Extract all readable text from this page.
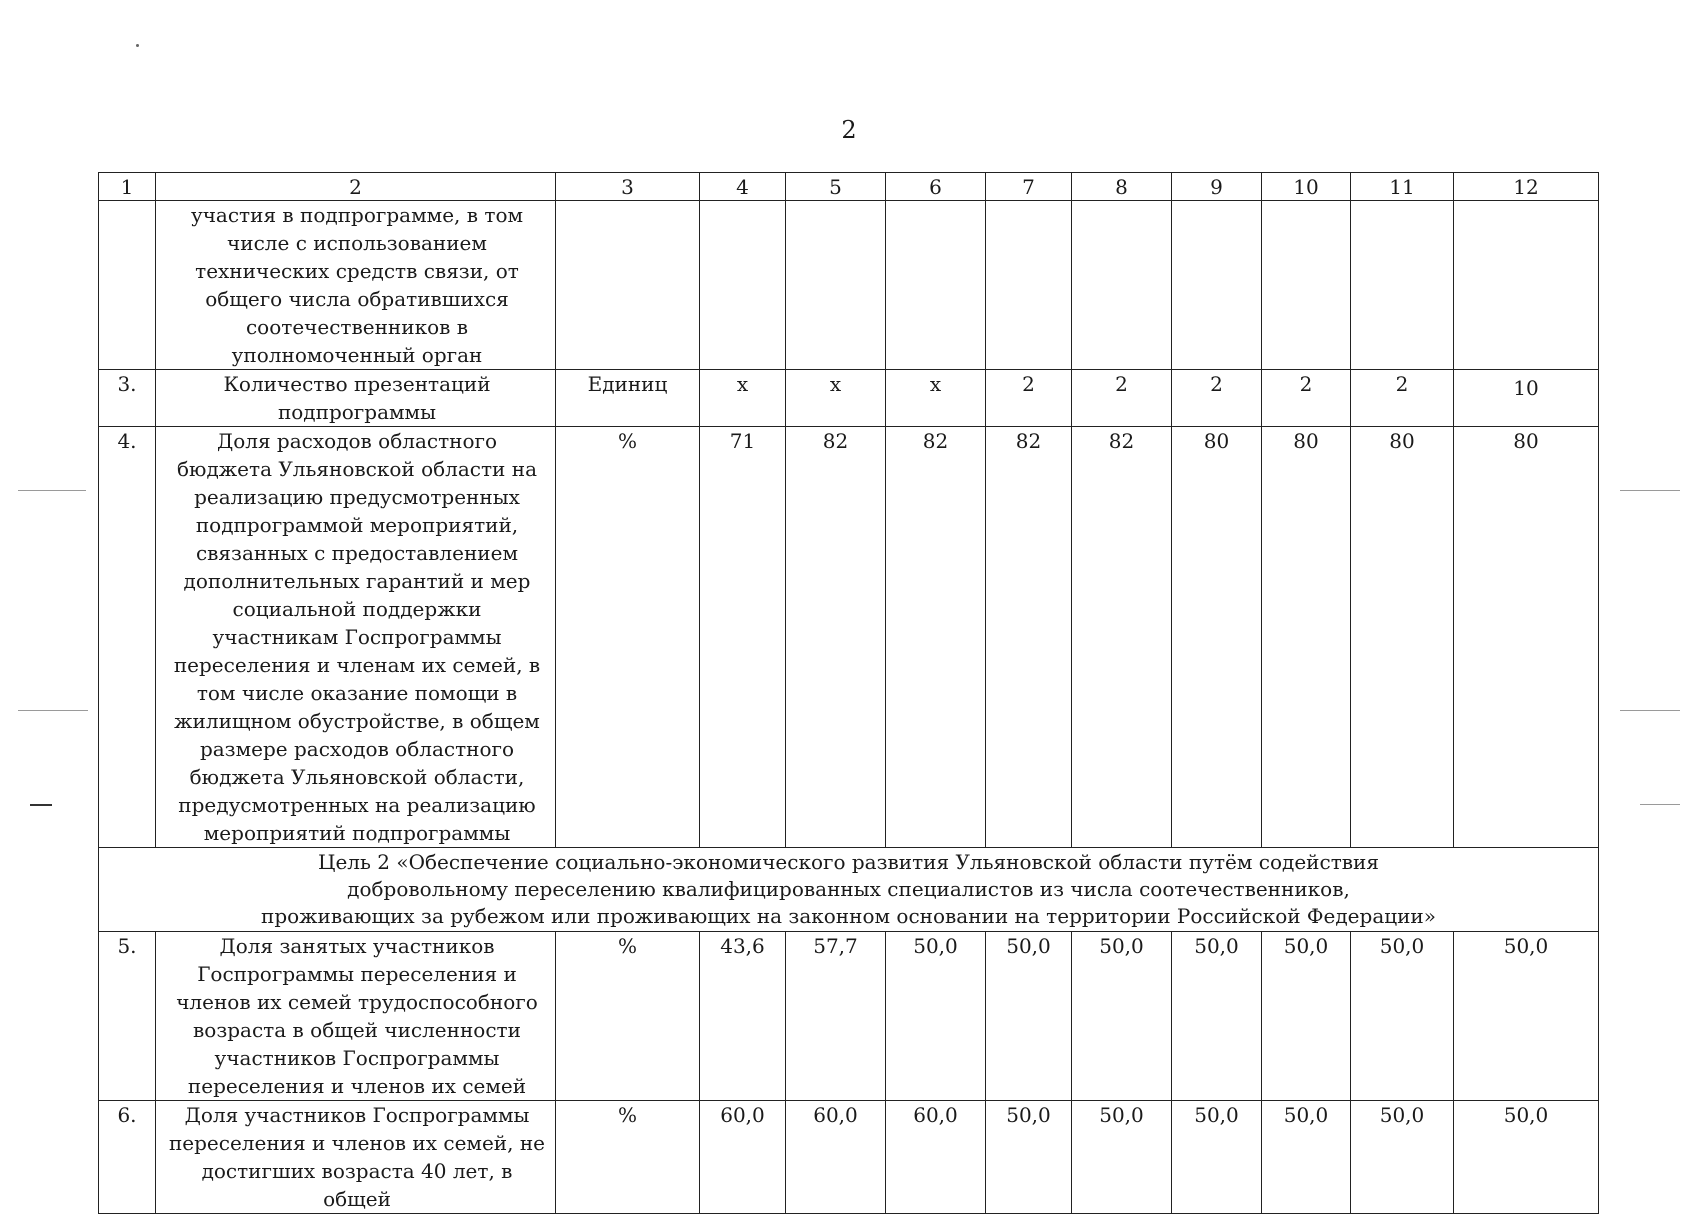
2
1	2	3	4	5	6	7	8	9	10	11	12
	участия в подпрограмме, в том числе с использованием технических средств связи, от общего числа обратившихся соотечественников в уполномоченный орган										
3.	Количество презентаций подпрограммы	Единиц	x	x	x	2	2	2	2	2	10
4.	Доля расходов областного бюджета Ульяновской области на реализацию предусмотренных подпрограммой мероприятий, связанных с предоставлением дополнительных гарантий и мер социальной поддержки участникам Госпрограммы переселения и членам их семей, в том числе оказание помощи в жилищном обустройстве, в общем размере расходов областного бюджета Ульяновской области, предусмотренных на реализацию мероприятий подпрограммы	%	71	82	82	82	82	80	80	80	80

Цель 2 «Обеспечение социально-экономического развития Ульяновской области путём содействия
добровольному переселению квалифицированных специалистов из числа соотечественников,
проживающих за рубежом или проживающих на законном основании на территории Российской Федерации»											

5.	Доля занятых участников Госпрограммы переселения и членов их семей трудоспособного возраста в общей численности участников Госпрограммы переселения и членов их семей	%	43,6	57,7	50,0	50,0	50,0	50,0	50,0	50,0	50,0
6.	Доля участников Госпрограммы переселения и членов их семей, не достигших возраста 40 лет, в общей	%	60,0	60,0	60,0	50,0	50,0	50,0	50,0	50,0	50,0
